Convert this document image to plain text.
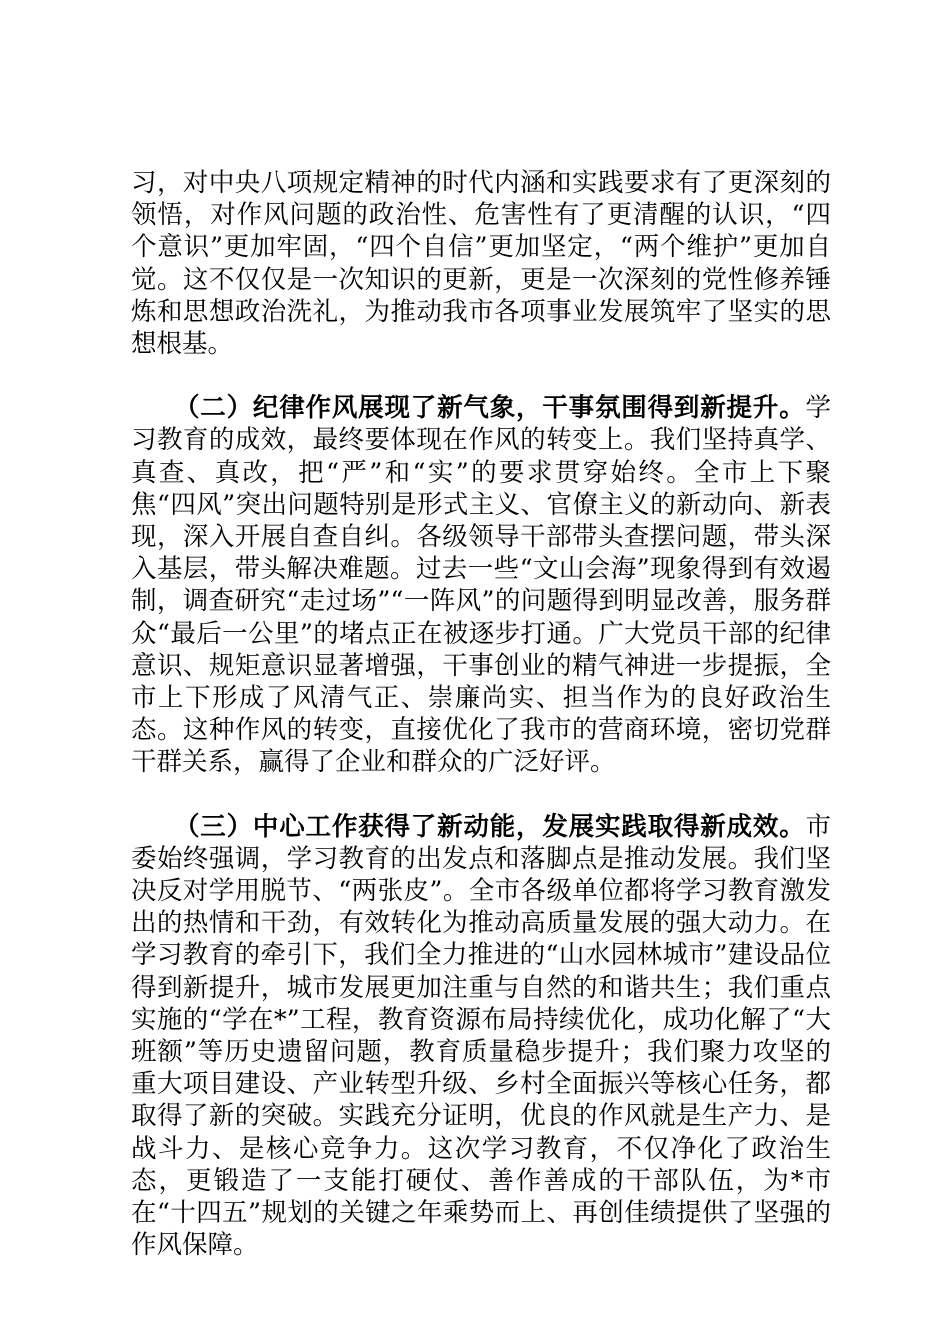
习，对中央八项规定精神的时代内涵和实践要求有了更深刻的领悟，对作风问题的政治性、危害性有了更清醒的认识，“四个意识”更加牢固，“四个自信”更加坚定，“两个维护”更加自觉。这不仅仅是一次知识的更新，更是一次深刻的党性修养锤炼和思想政治洗礼，为推动我市各项事业发展筑牢了坚实的思想根基。

（二）纪律作风展现了新气象，干事氛围得到新提升。学习教育的成效，最终要体现在作风的转变上。我们坚持真学、真查、真改，把“严”和“实”的要求贯穿始终。全市上下聚焦“四风”突出问题特别是形式主义、官僚主义的新动向、新表现，深入开展自查自纠。各级领导干部带头查摆问题，带头深入基层，带头解决难题。过去一些“文山会海”现象得到有效遏制，调查研究“走过场”“一阵风”的问题得到明显改善，服务群众“最后一公里”的堵点正在被逐步打通。广大党员干部的纪律意识、规矩意识显著增强，干事创业的精气神进一步提振，全市上下形成了风清气正、崇廉尚实、担当作为的良好政治生态。这种作风的转变，直接优化了我市的营商环境，密切党群干群关系，赢得了企业和群众的广泛好评。

（三）中心工作获得了新动能，发展实践取得新成效。市委始终强调，学习教育的出发点和落脚点是推动发展。我们坚决反对学用脱节、“两张皮”。全市各级单位都将学习教育激发出的热情和干劲，有效转化为推动高质量发展的强大动力。在学习教育的牵引下，我们全力推进的“山水园林城市”建设品位得到新提升，城市发展更加注重与自然的和谐共生；我们重点实施的“学在*”工程，教育资源布局持续优化，成功化解了“大班额”等历史遗留问题，教育质量稳步提升；我们聚力攻坚的重大项目建设、产业转型升级、乡村全面振兴等核心任务，都取得了新的突破。实践充分证明，优良的作风就是生产力、是战斗力、是核心竞争力。这次学习教育，不仅净化了政治生态，更锻造了一支能打硬仗、善作善成的干部队伍，为*市在“十四五”规划的关键之年乘势而上、再创佳绩提供了坚强的作风保障。
